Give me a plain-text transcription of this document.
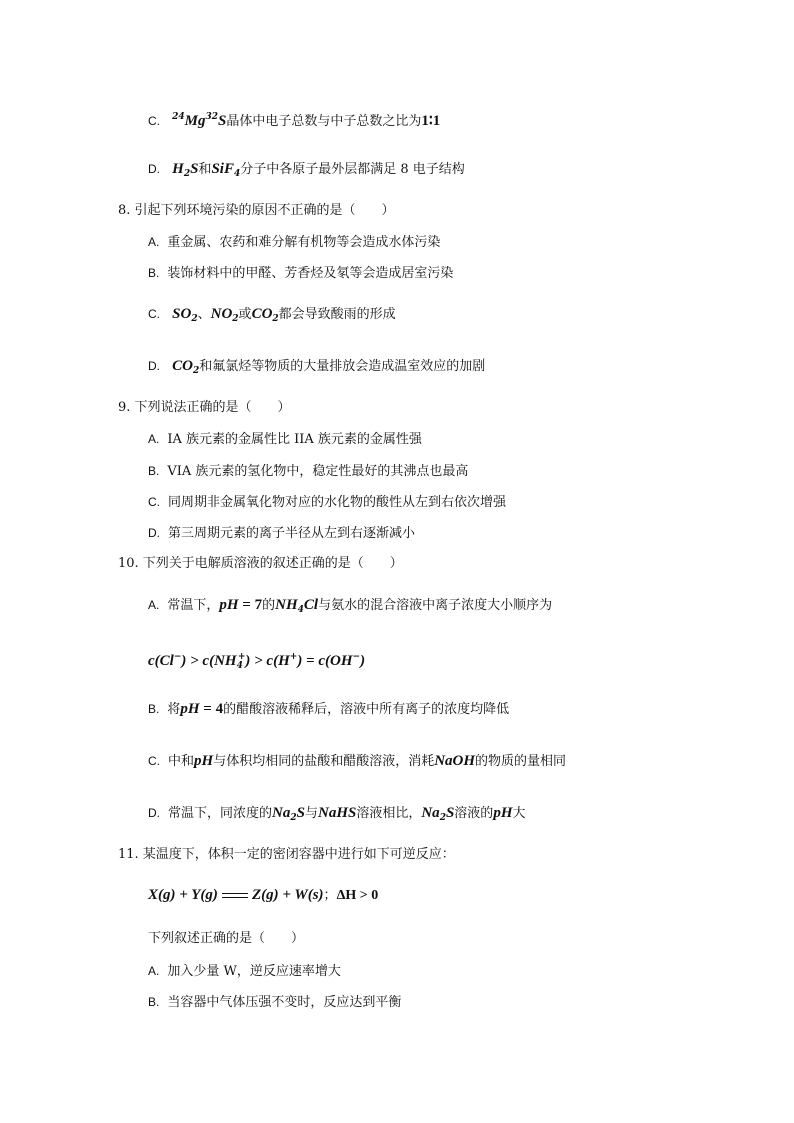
C. $^{24}$Mg$^{32}$S晶体中电子总数与中子总数之比为1∶1
D. $H_2S$和SiF$_4$分子中各原子最外层都满足 8 电子结构
8. 引起下列环境污染的原因不正确的是（　　）
A. 重金属、农药和难分解有机物等会造成水体污染
B. 装饰材料中的甲醛、芳香烃及氡等会造成居室污染
C. $SO_2$、$NO_2$或$CO_2$都会导致酸雨的形成
D. $CO_2$和氟氯烃等物质的大量排放会造成温室效应的加剧
9. 下列说法正确的是（　　）
A. IA 族元素的金属性比 IIA 族元素的金属性强
B. VIA 族元素的氢化物中，稳定性最好的其沸点也最高
C. 同周期非金属氧化物对应的水化物的酸性从左到右依次增强
D. 第三周期元素的离子半径从左到右逐渐减小
10. 下列关于电解质溶液的叙述正确的是（　　）
A. 常温下，pH = 7的$NH_4Cl$与氨水的混合溶液中离子浓度大小顺序为
$c(Cl^-) > c(NH_4^+) > c(H^+) = c(OH^-)$
B. 将pH = 4的醋酸溶液稀释后，溶液中所有离子的浓度均降低
C. 中和pH与体积均相同的盐酸和醋酸溶液，消耗NaOH的物质的量相同
D. 常温下，同浓度的$Na_2S$与NaHS溶液相比，$Na_2S$溶液的pH大
11. 某温度下，体积一定的密闭容器中进行如下可逆反应：
X(g) + Y(g) Z(g) + W(s)；ΔH > 0
下列叙述正确的是（　　）
A. 加入少量 W，逆反应速率增大
B. 当容器中气体压强不变时，反应达到平衡
